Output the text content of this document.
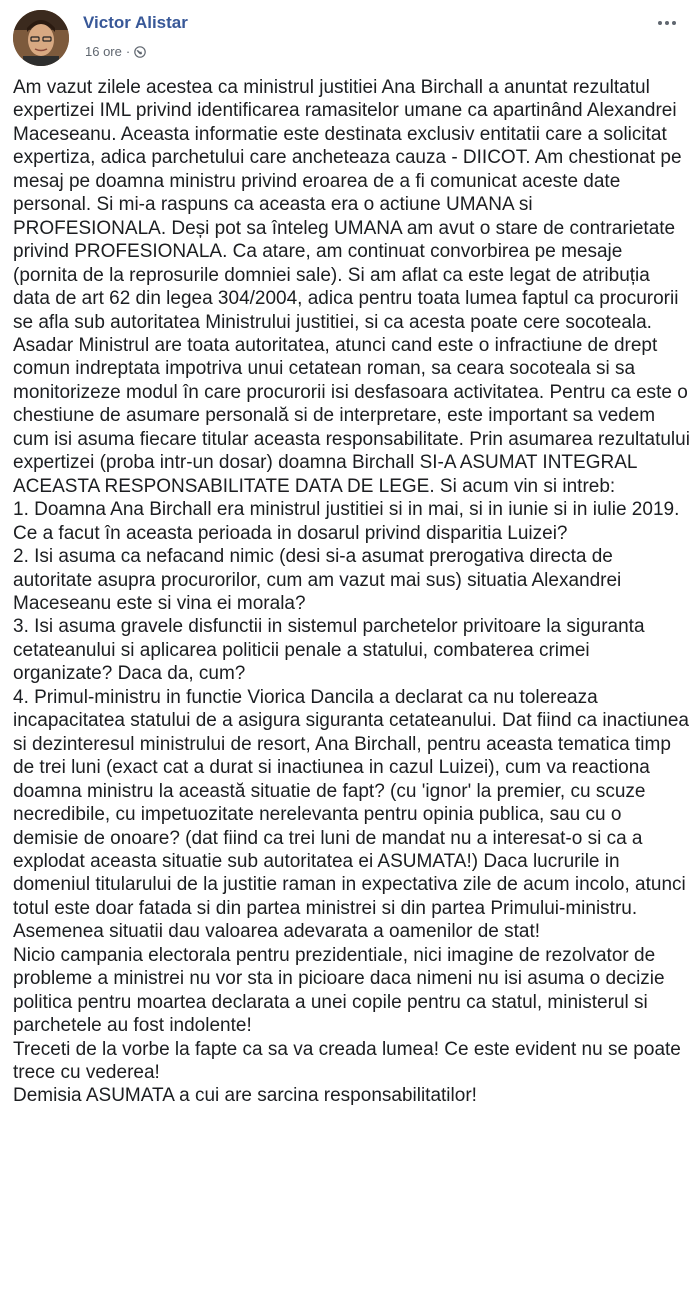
Victor Alistar
16 ore ·

Am vazut zilele acestea ca ministrul justitiei Ana Birchall a anuntat rezultatul expertizei IML privind identificarea ramasitelor umane ca apartinând Alexandrei Maceseanu. Aceasta informatie este destinata exclusiv entitatii care a solicitat expertiza, adica parchetului care ancheteaza cauza - DIICOT. Am chestionat pe mesaj pe doamna ministru privind eroarea de a fi comunicat aceste date personal. Si mi-a raspuns ca aceasta era o actiune UMANA si PROFESIONALA. Deși pot sa înteleg UMANA am avut o stare de contrarietate privind PROFESIONALA. Ca atare, am continuat convorbirea pe mesaje (pornita de la reprosurile domniei sale). Si am aflat ca este legat de atribuția data de art 62 din legea 304/2004, adica pentru toata lumea faptul ca procurorii se afla sub autoritatea Ministrului justitiei, si ca acesta poate cere socoteala. Asadar Ministrul are toata autoritatea, atunci cand este o infractiune de drept comun indreptata impotriva unui cetatean roman, sa ceara socoteala si sa monitorizeze modul în care procurorii isi desfasoara activitatea. Pentru ca este o chestiune de asumare personală si de interpretare, este important sa vedem cum isi asuma fiecare titular aceasta responsabilitate. Prin asumarea rezultatului expertizei (proba intr-un dosar) doamna Birchall SI-A ASUMAT INTEGRAL ACEASTA RESPONSABILITATE DATA DE LEGE. Si acum vin si intreb:

1. Doamna Ana Birchall era ministrul justitiei si in mai, si in iunie si in iulie 2019. Ce a facut în aceasta perioada in dosarul privind disparitia Luizei?

2. Isi asuma ca nefacand nimic (desi si-a asumat prerogativa directa de autoritate asupra procurorilor, cum am vazut mai sus) situatia Alexandrei Maceseanu este si vina ei morala?

3. Isi asuma gravele disfunctii in sistemul parchetelor privitoare la siguranta cetateanului si aplicarea politicii penale a statului, combaterea crimei organizate? Daca da, cum?

4. Primul-ministru in functie Viorica Dancila a declarat ca nu tolereaza incapacitatea statului de a asigura siguranta cetateanului. Dat fiind ca inactiunea si dezinteresul ministrului de resort, Ana Birchall, pentru aceasta tematica timp de trei luni (exact cat a durat si inactiunea in cazul Luizei), cum va reactiona doamna ministru la această situatie de fapt? (cu 'ignor' la premier, cu scuze necredibile, cu impetuozitate nerelevanta pentru opinia publica, sau cu o demisie de onoare? (dat fiind ca trei luni de mandat nu a interesat-o si ca a explodat aceasta situatie sub autoritatea ei ASUMATA!) Daca lucrurile in domeniul titularului de la justitie raman in expectativa zile de acum incolo, atunci totul este doar fatada si din partea ministrei si din partea Primului-ministru.

Asemenea situatii dau valoarea adevarata a oamenilor de stat!

Nicio campania electorala pentru prezidentiale, nici imagine de rezolvator de probleme a ministrei nu vor sta in picioare daca nimeni nu isi asuma o decizie politica pentru moartea declarata a unei copile pentru ca statul, ministerul si parchetele au fost indolente!

Treceti de la vorbe la fapte ca sa va creada lumea! Ce este evident nu se poate trece cu vederea!

Demisia ASUMATA a cui are sarcina responsabilitatilor!
